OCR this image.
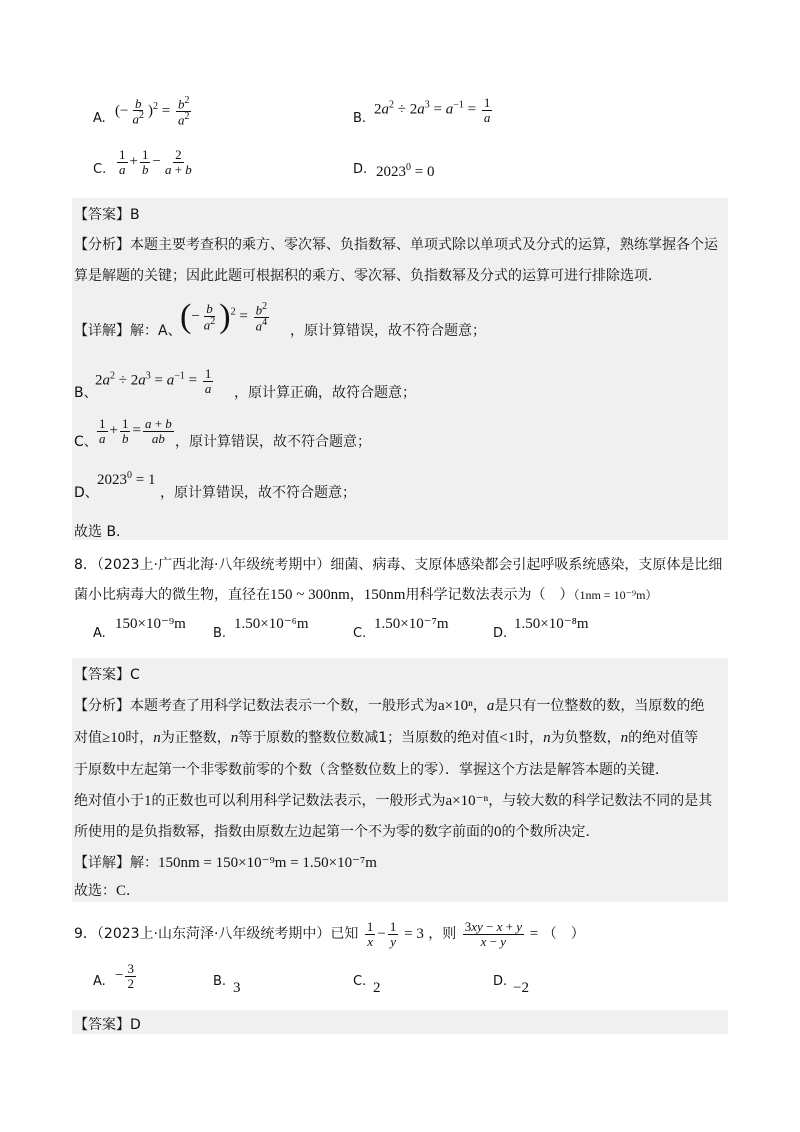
A. (− $\frac{b}{a^2} )^2 = \frac{b^2}{a^2}$	B.
$2a^2 \div 2a^3 = a^{-1} = \frac{1}{a}$
C. $\frac{1}{a} + \frac{1}{b} - \frac{2}{a + b}$	D. $2023^0 = 0$
【答案】B
【分析】本题主要考查积的乘方、零次幂、负指数幂、单项式除以单项式及分式的运算，熟练掌握各个运
算是解题的关键；因此此题可根据积的乘方、零次幂、负指数幂及分式的运算可进行排除选项．
【详解】解：A、
(− $\frac{b}{a^2} )^2 = \frac{b^2}{a^4}$ ，原计算错误，故不符合题意；
B、
$2a^2 \div 2a^3 = a^{-1} = \frac{1}{a}$ ，原计算正确，故符合题意；
C、 $\frac{1}{a} + \frac{1}{b} = \frac{a + b}{ab}$ ，原计算错误，故不符合题意；
D、
$2023^0 = 1$
，原计算错误，故不符合题意；
故选 B.
8．（2023上·广西北海·八年级统考期中）细菌、病毒、支原体感染都会引起呼吸系统感染，支原体是比细
菌小比病毒大的微生物，直径在150 ~ 300nm，150nm用科学记数法表示为（　）（1nm = 10⁻⁹m）
A.
150×10⁻⁹m
B.
1.50×10⁻⁶m
C.
1.50×10⁻⁷m
D.
1.50×10⁻⁸m
【答案】C
【分析】本题考查了用科学记数法表示一个数，一般形式为a×10ⁿ，a是只有一位整数的数，当原数的绝
对值≥10时，n为正整数，n等于原数的整数位数减1；当原数的绝对值<1时，n为负整数，n的绝对值等
于原数中左起第一个非零数前零的个数（含整数位数上的零）．掌握这个方法是解答本题的关键．
绝对值小于1的正数也可以利用科学记数法表示，一般形式为a×10⁻ⁿ，与较大数的科学记数法不同的是其
所使用的是负指数幂，指数由原数左边起第一个不为零的数字前面的0的个数所决定．
【详解】解：150nm = 150×10⁻⁹m = 1.50×10⁻⁷m
故选：C．
9．（2023上·山东菏泽·八年级统考期中）已知 $\frac{1}{x} - \frac{1}{y} = 3$ ，则 $\frac{3xy - x + y}{x - y}$ = （　）
A. − $\frac{3}{2}$	B. 3	C. 2	D. −2
【答案】D
